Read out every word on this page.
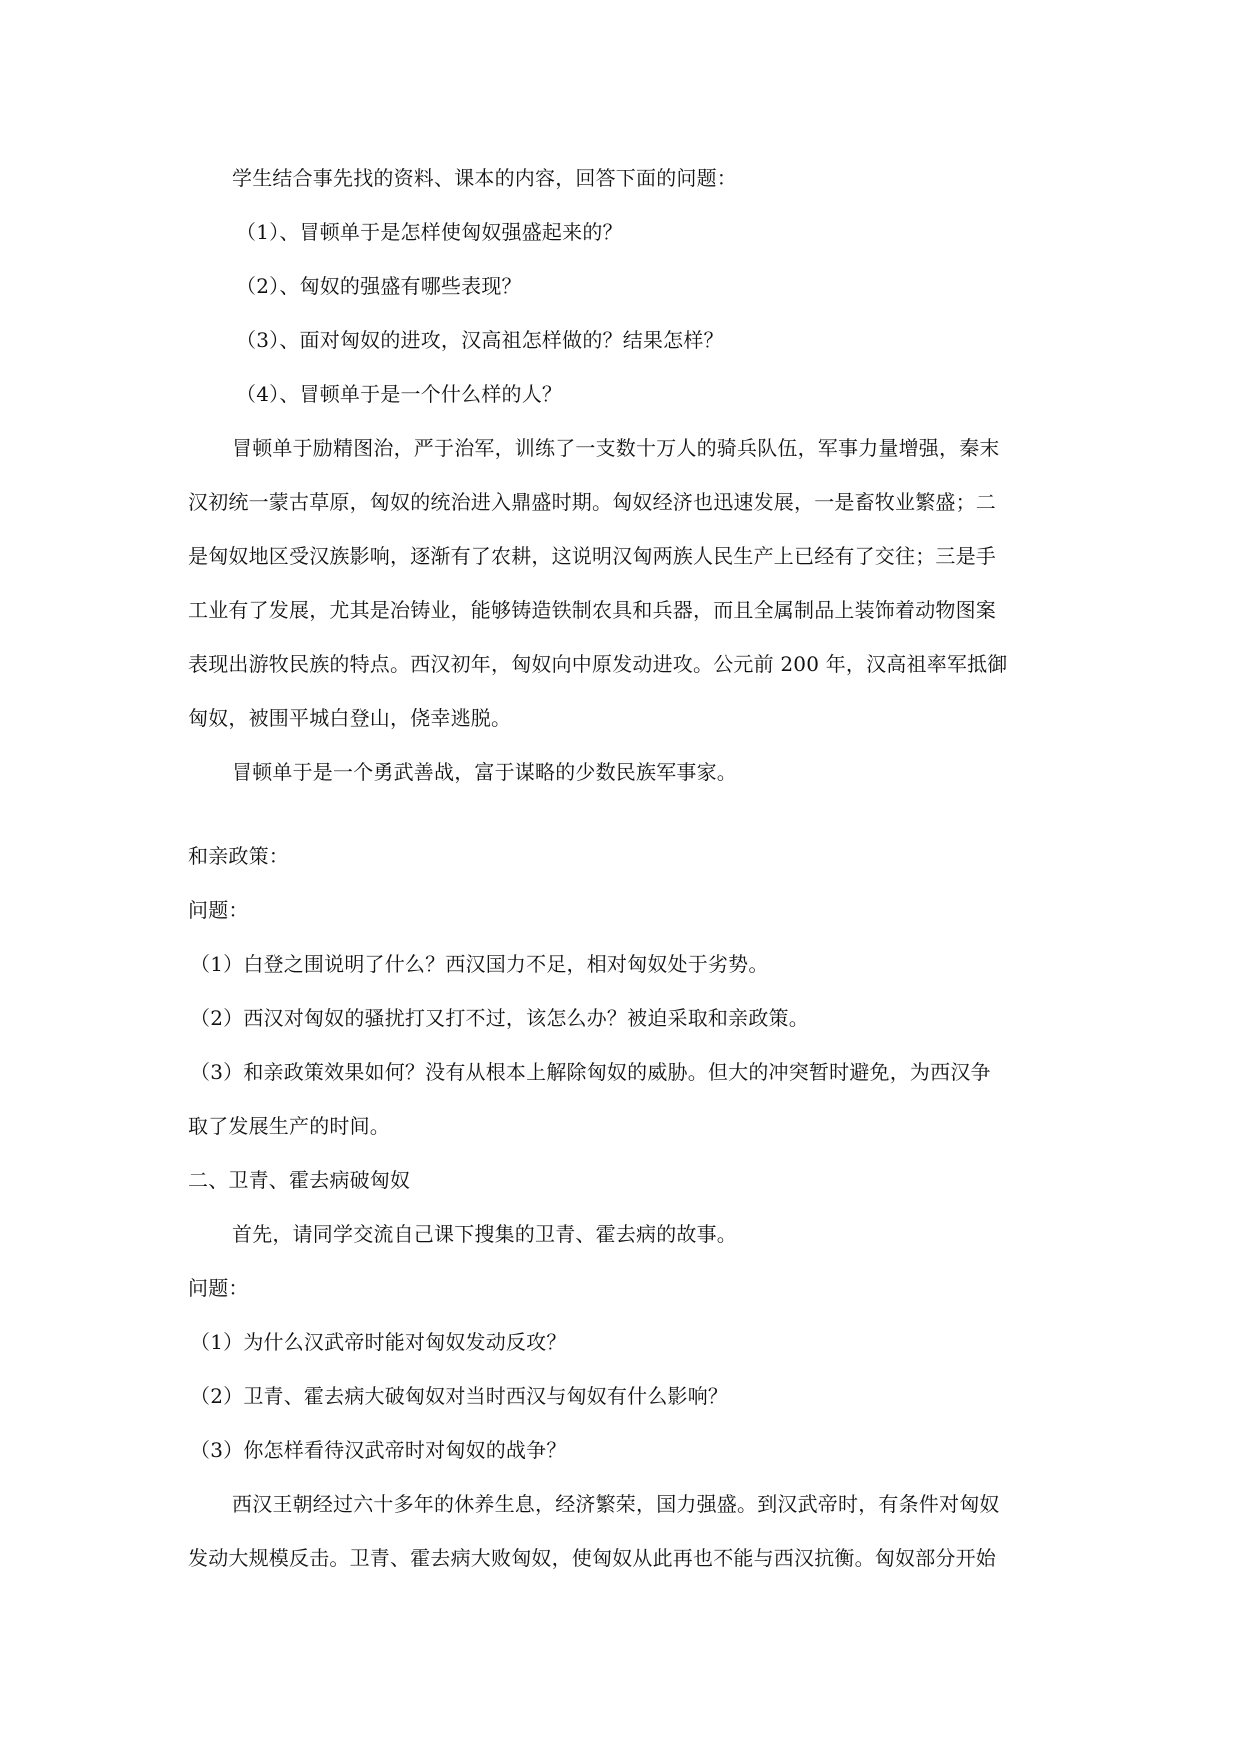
学生结合事先找的资料、课本的内容，回答下面的问题：
（1）、冒顿单于是怎样使匈奴强盛起来的？
（2）、匈奴的强盛有哪些表现？
（3）、面对匈奴的进攻，汉高祖怎样做的？结果怎样？
（4）、冒顿单于是一个什么样的人？
冒顿单于励精图治，严于治军，训练了一支数十万人的骑兵队伍，军事力量增强，秦末
汉初统一蒙古草原，匈奴的统治进入鼎盛时期。匈奴经济也迅速发展，一是畜牧业繁盛；二
是匈奴地区受汉族影响，逐渐有了农耕，这说明汉匈两族人民生产上已经有了交往；三是手
工业有了发展，尤其是冶铸业，能够铸造铁制农具和兵器，而且全属制品上装饰着动物图案
表现出游牧民族的特点。西汉初年，匈奴向中原发动进攻。公元前 200 年，汉高祖率军抵御
匈奴，被围平城白登山，侥幸逃脱。
冒顿单于是一个勇武善战，富于谋略的少数民族军事家。
和亲政策：
问题：
（1）白登之围说明了什么？西汉国力不足，相对匈奴处于劣势。
（2）西汉对匈奴的骚扰打又打不过，该怎么办？被迫采取和亲政策。
（3）和亲政策效果如何？没有从根本上解除匈奴的威胁。但大的冲突暂时避免，为西汉争
取了发展生产的时间。
二、卫青、霍去病破匈奴
首先，请同学交流自己课下搜集的卫青、霍去病的故事。
问题：
（1）为什么汉武帝时能对匈奴发动反攻？
（2）卫青、霍去病大破匈奴对当时西汉与匈奴有什么影响？
（3）你怎样看待汉武帝时对匈奴的战争？
西汉王朝经过六十多年的休养生息，经济繁荣，国力强盛。到汉武帝时，有条件对匈奴
发动大规模反击。卫青、霍去病大败匈奴，使匈奴从此再也不能与西汉抗衡。匈奴部分开始
